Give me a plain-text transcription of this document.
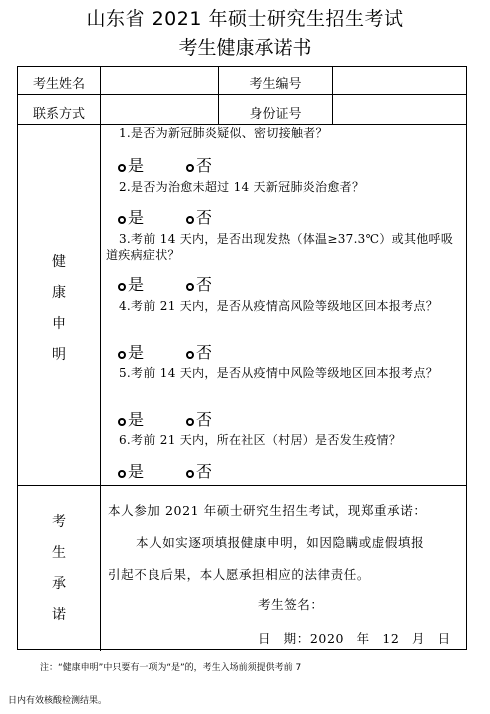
山东省 2021 年硕士研究生招生考试
考生健康承诺书
考生姓名	考生编号
联系方式	身份证号
健
康
申
明
1.是否为新冠肺炎疑似、密切接触者？
是	否
2.是否为治愈未超过 14 天新冠肺炎治愈者？
是	否
3.考前 14 天内，是否出现发热（体温≥37.3℃）或其他呼吸道疾病症状？
是	否
4.考前 21 天内，是否从疫情高风险等级地区回本报考点？
是	否
5.考前 14 天内，是否从疫情中风险等级地区回本报考点？
是	否
6.考前 21 天内，所在社区（村居）是否发生疫情？
是	否
考
生
承
诺
本人参加 2021 年硕士研究生招生考试，现郑重承诺：
本人如实逐项填报健康申明，如因隐瞒或虚假填报
引起不良后果，本人愿承担相应的法律责任。
考生签名：
日 期：2020 年 12 月 日
注：“健康申明”中只要有一项为“是”的，考生入场前须提供考前 7
日内有效核酸检测结果。
